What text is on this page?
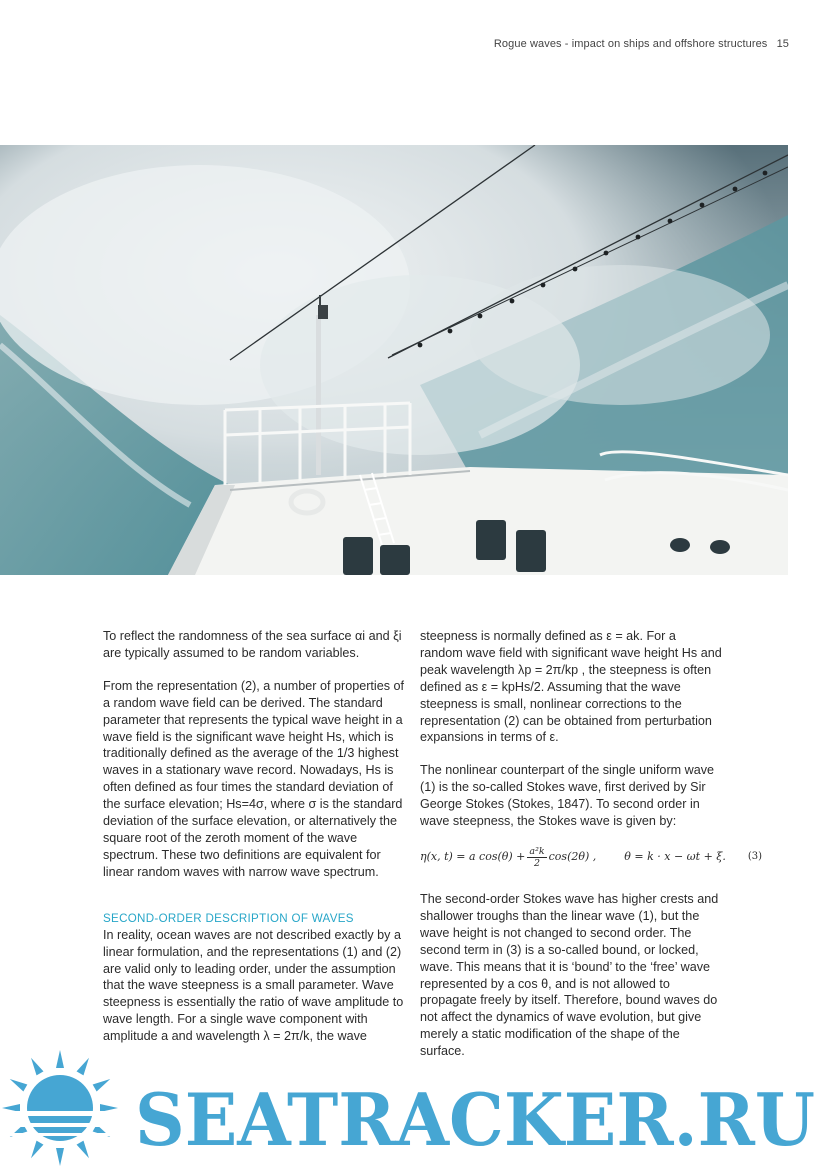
Rogue waves - impact on ships and offshore structures 15

To reflect the randomness of the sea surface αi and ξi are typically assumed to be random variables.

From the representation (2), a number of properties of a random wave field can be derived. The standard parameter that represents the typical wave height in a wave field is the significant wave height Hs, which is traditionally defined as the average of the 1/3 highest waves in a stationary wave record. Nowadays, Hs is often defined as four times the standard deviation of the surface elevation; Hs=4σ, where σ is the standard deviation of the surface elevation, or alternatively the square root of the zeroth moment of the wave spectrum. These two definitions are equivalent for linear random waves with narrow wave spectrum.

SECOND-ORDER DESCRIPTION OF WAVES

In reality, ocean waves are not described exactly by a linear formulation, and the representations (1) and (2) are valid only to leading order, under the assumption that the wave steepness is a small parameter. Wave steepness is essentially the ratio of wave amplitude to wave length. For a single wave component with amplitude a and wavelength λ = 2π/k, the wave

steepness is normally defined as ε = ak. For a random wave field with significant wave height Hs and peak wavelength λp = 2π/kp , the steepness is often defined as ε = kpHs/2. Assuming that the wave steepness is small, nonlinear corrections to the representation (2) can be obtained from perturbation expansions in terms of ε.

The nonlinear counterpart of the single uniform wave (1) is the so-called Stokes wave, first derived by Sir George Stokes (Stokes, 1847). To second order in wave steepness, the Stokes wave is given by:

η(x, t) = a $\cos(\theta) + \frac{\text{a²k}}{2} \cos(2\theta)$ ,	θ = k · x − ωt + ξ. (3)

The second-order Stokes wave has higher crests and shallower troughs than the linear wave (1), but the wave height is not changed to second order. The second term in (3) is a so-called bound, or locked, wave. This means that it is ‘bound’ to the ‘free’ wave represented by a cos θ, and is not allowed to propagate freely by itself. Therefore, bound waves do not affect the dynamics of wave evolution, but give merely a static modification of the shape of the surface.

SEATRACKER.RU
